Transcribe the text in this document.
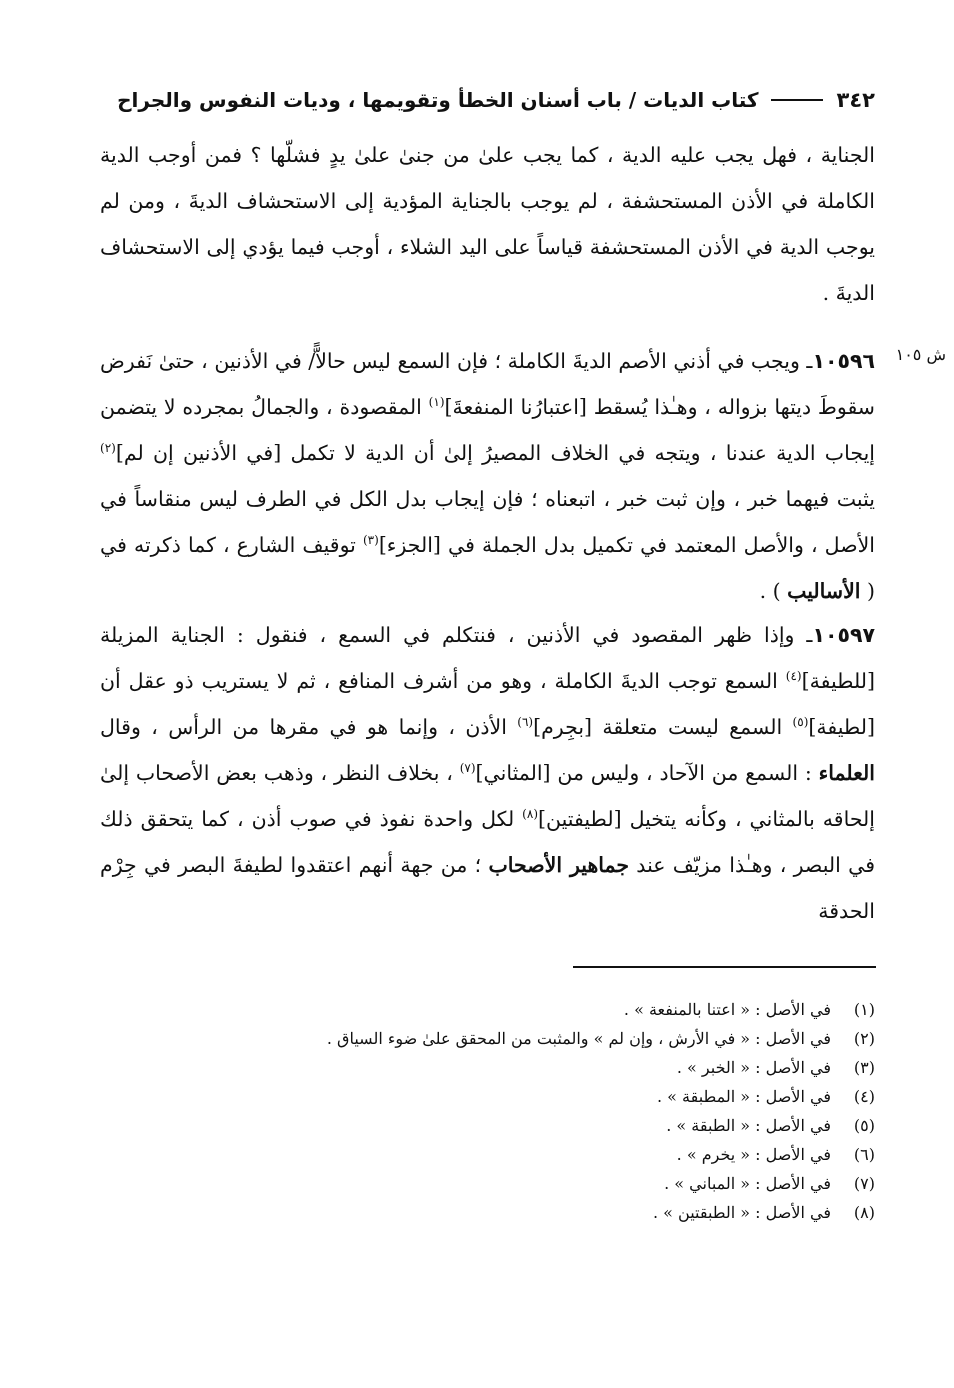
٣٤٢
كتاب الديات / باب أسنان الخطأ وتقويمها ، وديات النفوس والجراح
ش ١٠٥
الجناية ، فهل يجب عليه الدية ، كما يجب علىٰ من جنىٰ علىٰ يدٍ فشلّها ؟ فمن أوجب الدية الكاملة في الأذن المستحشفة ، لم يوجب بالجناية المؤدية إلى الاستحشاف الديةَ ، ومن لم يوجب الدية في الأذن المستحشفة قياساً على اليد الشلاء ، أوجب فيما يؤدي إلى الاستحشاف الديةَ .
١٠٥٩٦ـ ويجب في أذني الأصم الديةَ الكاملة ؛ فإن السمع ليس حالاًّ/ في الأذنين ، حتىٰ نَفرض سقوطَ ديتها بزواله ، وهـٰذا يُسقط [اعتبارُنا المنفعةَ]$^{(١)}$ المقصودة ، والجمالُ بمجرده لا يتضمن إيجاب الدية عندنا ، ويتجه في الخلاف المصيرُ إلىٰ أن الدية لا تكمل [في الأذنين إن لم]$^{(٢)}$ يثبت فيهما خبر ، وإن ثبت خبر ، اتبعناه ؛ فإن إيجاب بدل الكل في الطرف ليس منقاساً في الأصل ، والأصل المعتمد في تكميل بدل الجملة في [الجزء]$^{(٣)}$ توقيف الشارع ، كما ذكرته في ( الأساليب ) .
١٠٥٩٧ـ وإذا ظهر المقصود في الأذنين ، فنتكلم في السمع ، فنقول : الجناية المزيلة [للطيفة]$^{(٤)}$ السمع توجب الديةَ الكاملة ، وهو من أشرف المنافع ، ثم لا يستريب ذو عقل أن [لطيفة]$^{(٥)}$ السمع ليست متعلقة [بجِرم]$^{(٦)}$ الأذن ، وإنما هو في مقرها من الرأس ، وقال العلماء : السمع من الآحاد ، وليس من [المثاني]$^{(٧)}$ ، بخلاف النظر ، وذهب بعض الأصحاب إلىٰ إلحاقه بالمثاني ، وكأنه يتخيل [لطيفتين]$^{(٨)}$ لكل واحدة نفوذ في صوب أذن ، كما يتحقق ذلك في البصر ، وهـٰذا مزيّف عند جماهير الأصحاب ؛ من جهة أنهم اعتقدوا لطيفةَ البصر في جِرْم الحدقة
(١)في الأصل : « اعتنا بالمنفعة » .
(٢)في الأصل : « في الأرش ، وإن لم » والمثبت من المحقق علىٰ ضوء السياق .
(٣)في الأصل : « الخبر » .
(٤)في الأصل : « المطبقة » .
(٥)في الأصل : « الطبقة » .
(٦)في الأصل : « يخرم » .
(٧)في الأصل : « المباني » .
(٨)في الأصل : « الطبقتين » .
